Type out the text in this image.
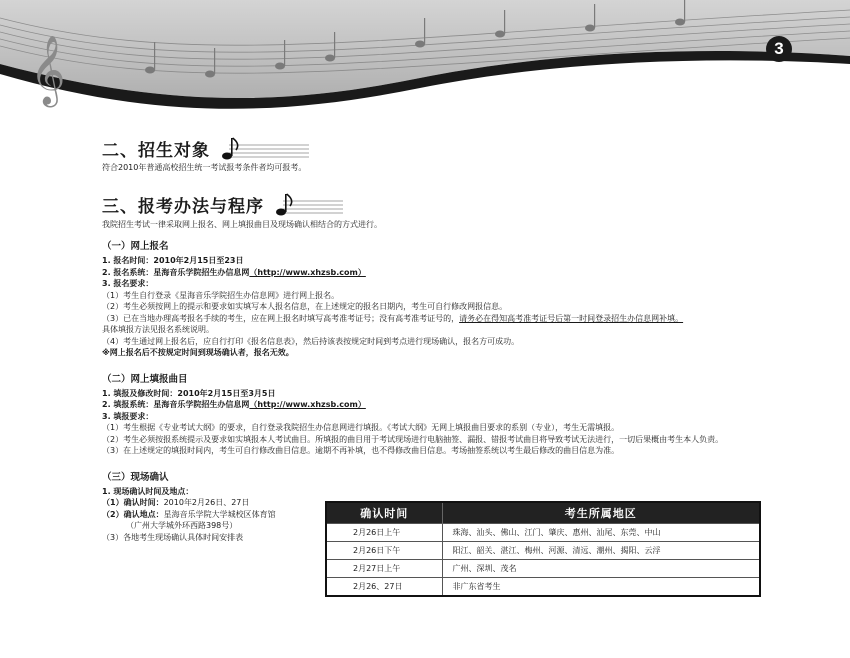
𝄞	3
二、招生对象

符合2010年普通高校招生统一考试报考条件者均可报考。

三、报考办法与程序

我院招生考试一律采取网上报名、网上填报曲目及现场确认相结合的方式进行。

（一）网上报名

1. 报名时间：2010年2月15日至23日

2. 报名系统：星海音乐学院招生办信息网（http://www.xhzsb.com）

3. 报名要求：

（1）考生自行登录《星海音乐学院招生办信息网》进行网上报名。

（2）考生必须按网上的提示和要求如实填写本人报名信息，在上述规定的报名日期内，考生可自行修改网报信息。

（3）已在当地办理高考报名手续的考生，应在网上报名时填写高考准考证号；没有高考准考证号的，请务必在得知高考准考证号后第一时间登录招生办信息网补填。

具体填报方法见报名系统说明。

（4）考生通过网上报名后，应自行打印《报名信息表》，然后持该表按规定时间到考点进行现场确认，报名方可成功。

※网上报名后不按规定时间到现场确认者，报名无效。

（二）网上填报曲目

1. 填报及修改时间：2010年2月15日至3月5日

2. 填报系统：星海音乐学院招生办信息网（http://www.xhzsb.com）

3. 填报要求：

（1）考生根据《专业考试大纲》的要求，自行登录我院招生办信息网进行填报。《考试大纲》无网上填报曲目要求的系别（专业），考生无需填报。

（2）考生必须按报系统提示及要求如实填报本人考试曲目。所填报的曲目用于考试现场进行电脑抽签、漏报、错报考试曲目将导致考试无法进行，一切后果概由考生本人负责。

（3）在上述规定的填报时间内，考生可自行修改曲目信息。逾期不再补填，也不得修改曲目信息。考场抽签系统以考生最后修改的曲目信息为准。

（三）现场确认

1. 现场确认时间及地点：

（1）确认时间：2010年2月26日、27日

（2）确认地点：星海音乐学院大学城校区体育馆

（广州大学城外环西路398号）

（3）各地考生现场确认具体时间安排表

确认时间	考生所属地区
2月26日上午	珠海、汕头、佛山、江门、肇庆、惠州、汕尾、东莞、中山
2月26日下午	阳江、韶关、湛江、梅州、河源、清远、潮州、揭阳、云浮
2月27日上午	广州、深圳、茂名
2月26、27日	非广东省考生
